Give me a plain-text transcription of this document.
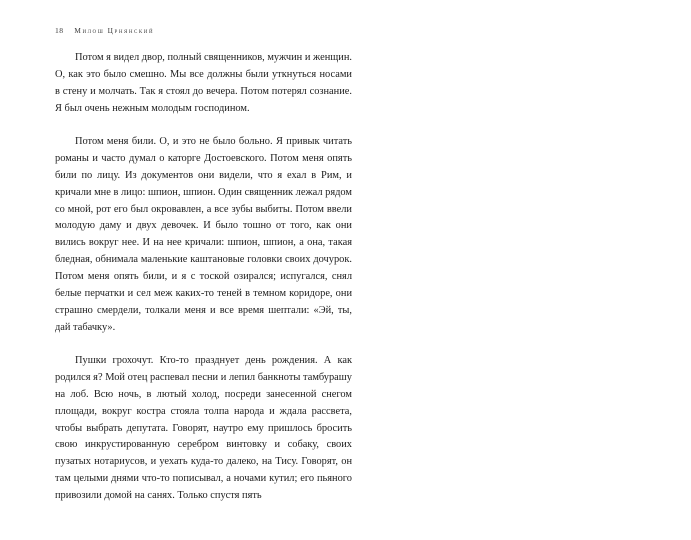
18 Милош Црнянский

Потом я видел двор, полный священников, мужчин и женщин. О, как это было смешно. Мы все должны были уткнуться носами в стену и молчать. Так я стоял до вечера. Потом потерял сознание. Я был очень нежным молодым господином.

Потом меня били. О, и это не было больно. Я привык читать романы и часто думал о каторге Достоевского. Потом меня опять били по лицу. Из документов они видели, что я ехал в Рим, и кричали мне в лицо: шпион, шпион. Один священник лежал рядом со мной, рот его был окровавлен, а все зубы выбиты. Потом ввели молодую даму и двух девочек. И было тошно от того, как они вились вокруг нее. И на нее кричали: шпион, шпион, а она, такая бледная, обнимала маленькие каштановые головки своих дочурок. Потом меня опять били, и я с тоской озирался; испугался, снял белые перчатки и сел меж каких-то теней в темном коридоре, они страшно смердели, толкали меня и все время шептали: «Эй, ты, дай табачку».

Пушки грохочут. Кто-то празднует день рождения. А как родился я? Мой отец распевал песни и лепил банкноты тамбурашу на лоб. Всю ночь, в лютый холод, посреди занесенной снегом площади, вокруг костра стояла толпа народа и ждала рассвета, чтобы выбрать депутата. Говорят, наутро ему пришлось бросить свою инкрустированную серебром винтовку и собаку, своих пузатых нотариусов, и уехать куда-то далеко, на Тису. Говорят, он там целыми днями что-то пописывал, а ночами кутил; его пьяного привозили домой на санях. Только спустя пять
